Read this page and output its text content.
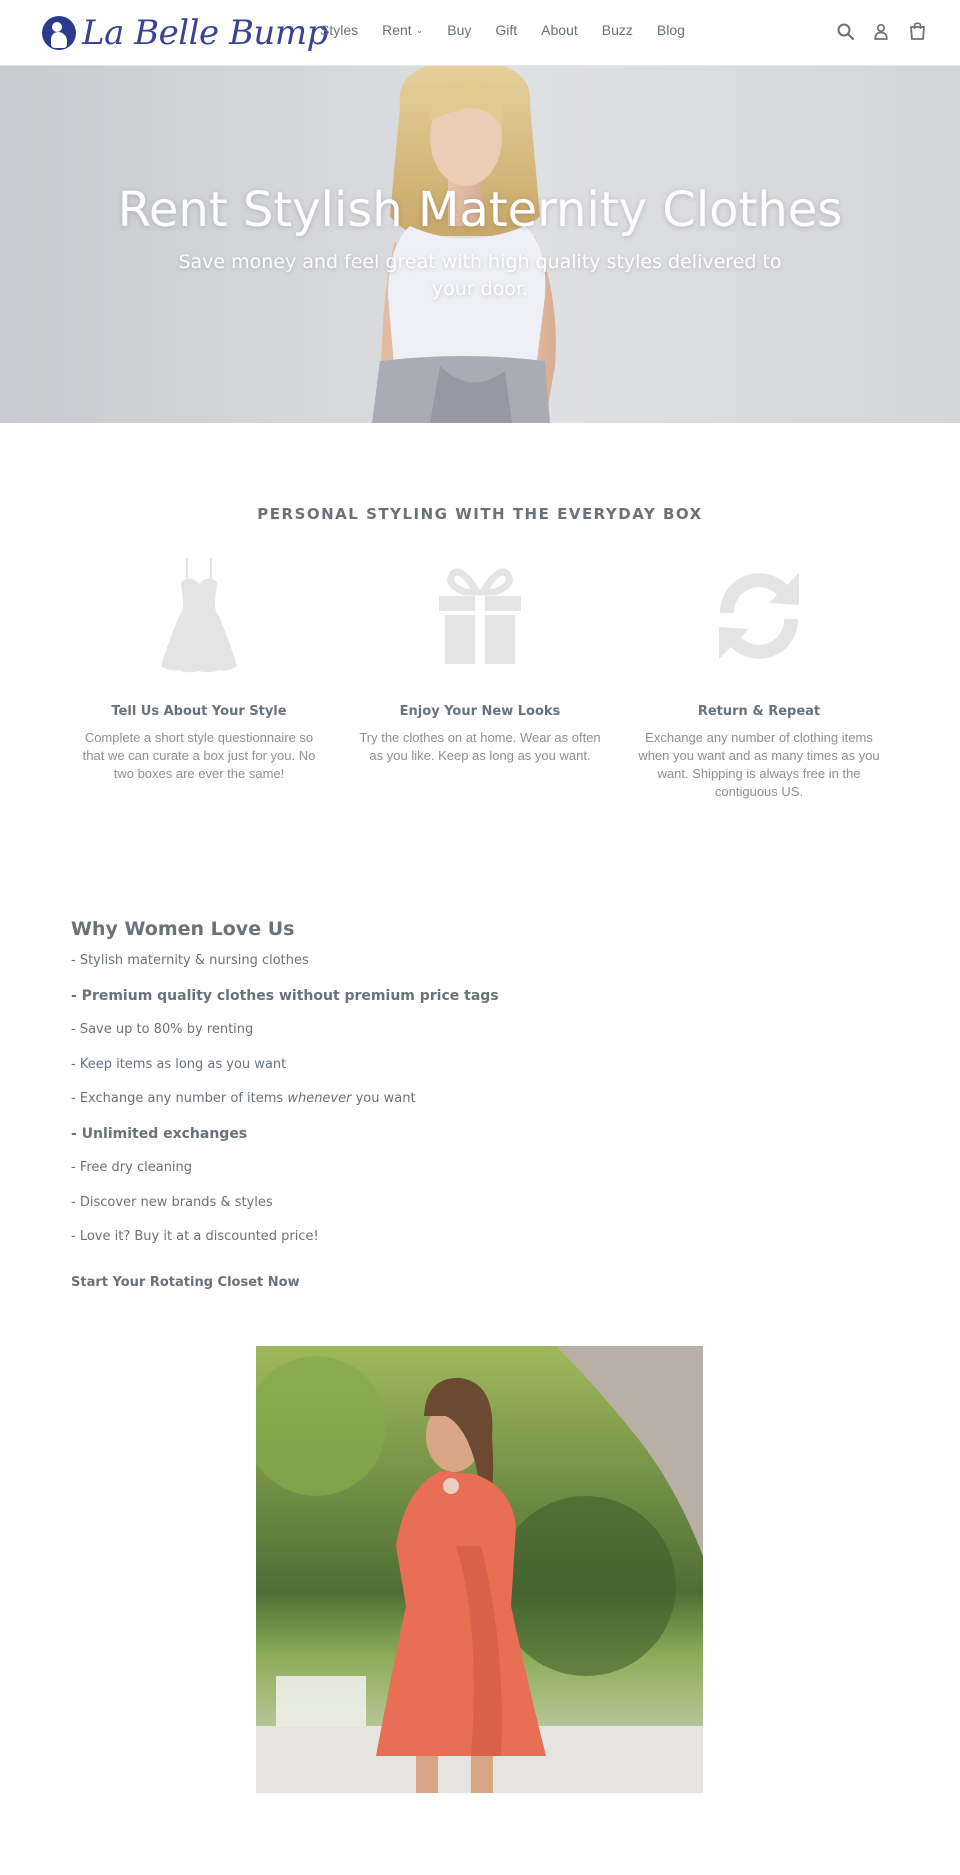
La Belle Bump
Styles Rent ⌄ Buy Gift About Buzz Blog
Rent Stylish Maternity Clothes

Save money and feel great with high quality styles delivered to your door.

PERSONAL STYLING WITH THE EVERYDAY BOX
Tell Us About Your Style
Complete a short style questionnaire so that we can curate a box just for you. No two boxes are ever the same!
Enjoy Your New Looks
Try the clothes on at home. Wear as often as you like. Keep as long as you want.
Return & Repeat
Exchange any number of clothing items when you want and as many times as you want. Shipping is always free in the contiguous US.
Why Women Love Us
- Stylish maternity & nursing clothes
- Premium quality clothes without premium price tags
- Save up to 80% by renting
- Keep items as long as you want
- Exchange any number of items whenever you want
- Unlimited exchanges
- Free dry cleaning
- Discover new brands & styles
- Love it? Buy it at a discounted price!
Start Your Rotating Closet Now
